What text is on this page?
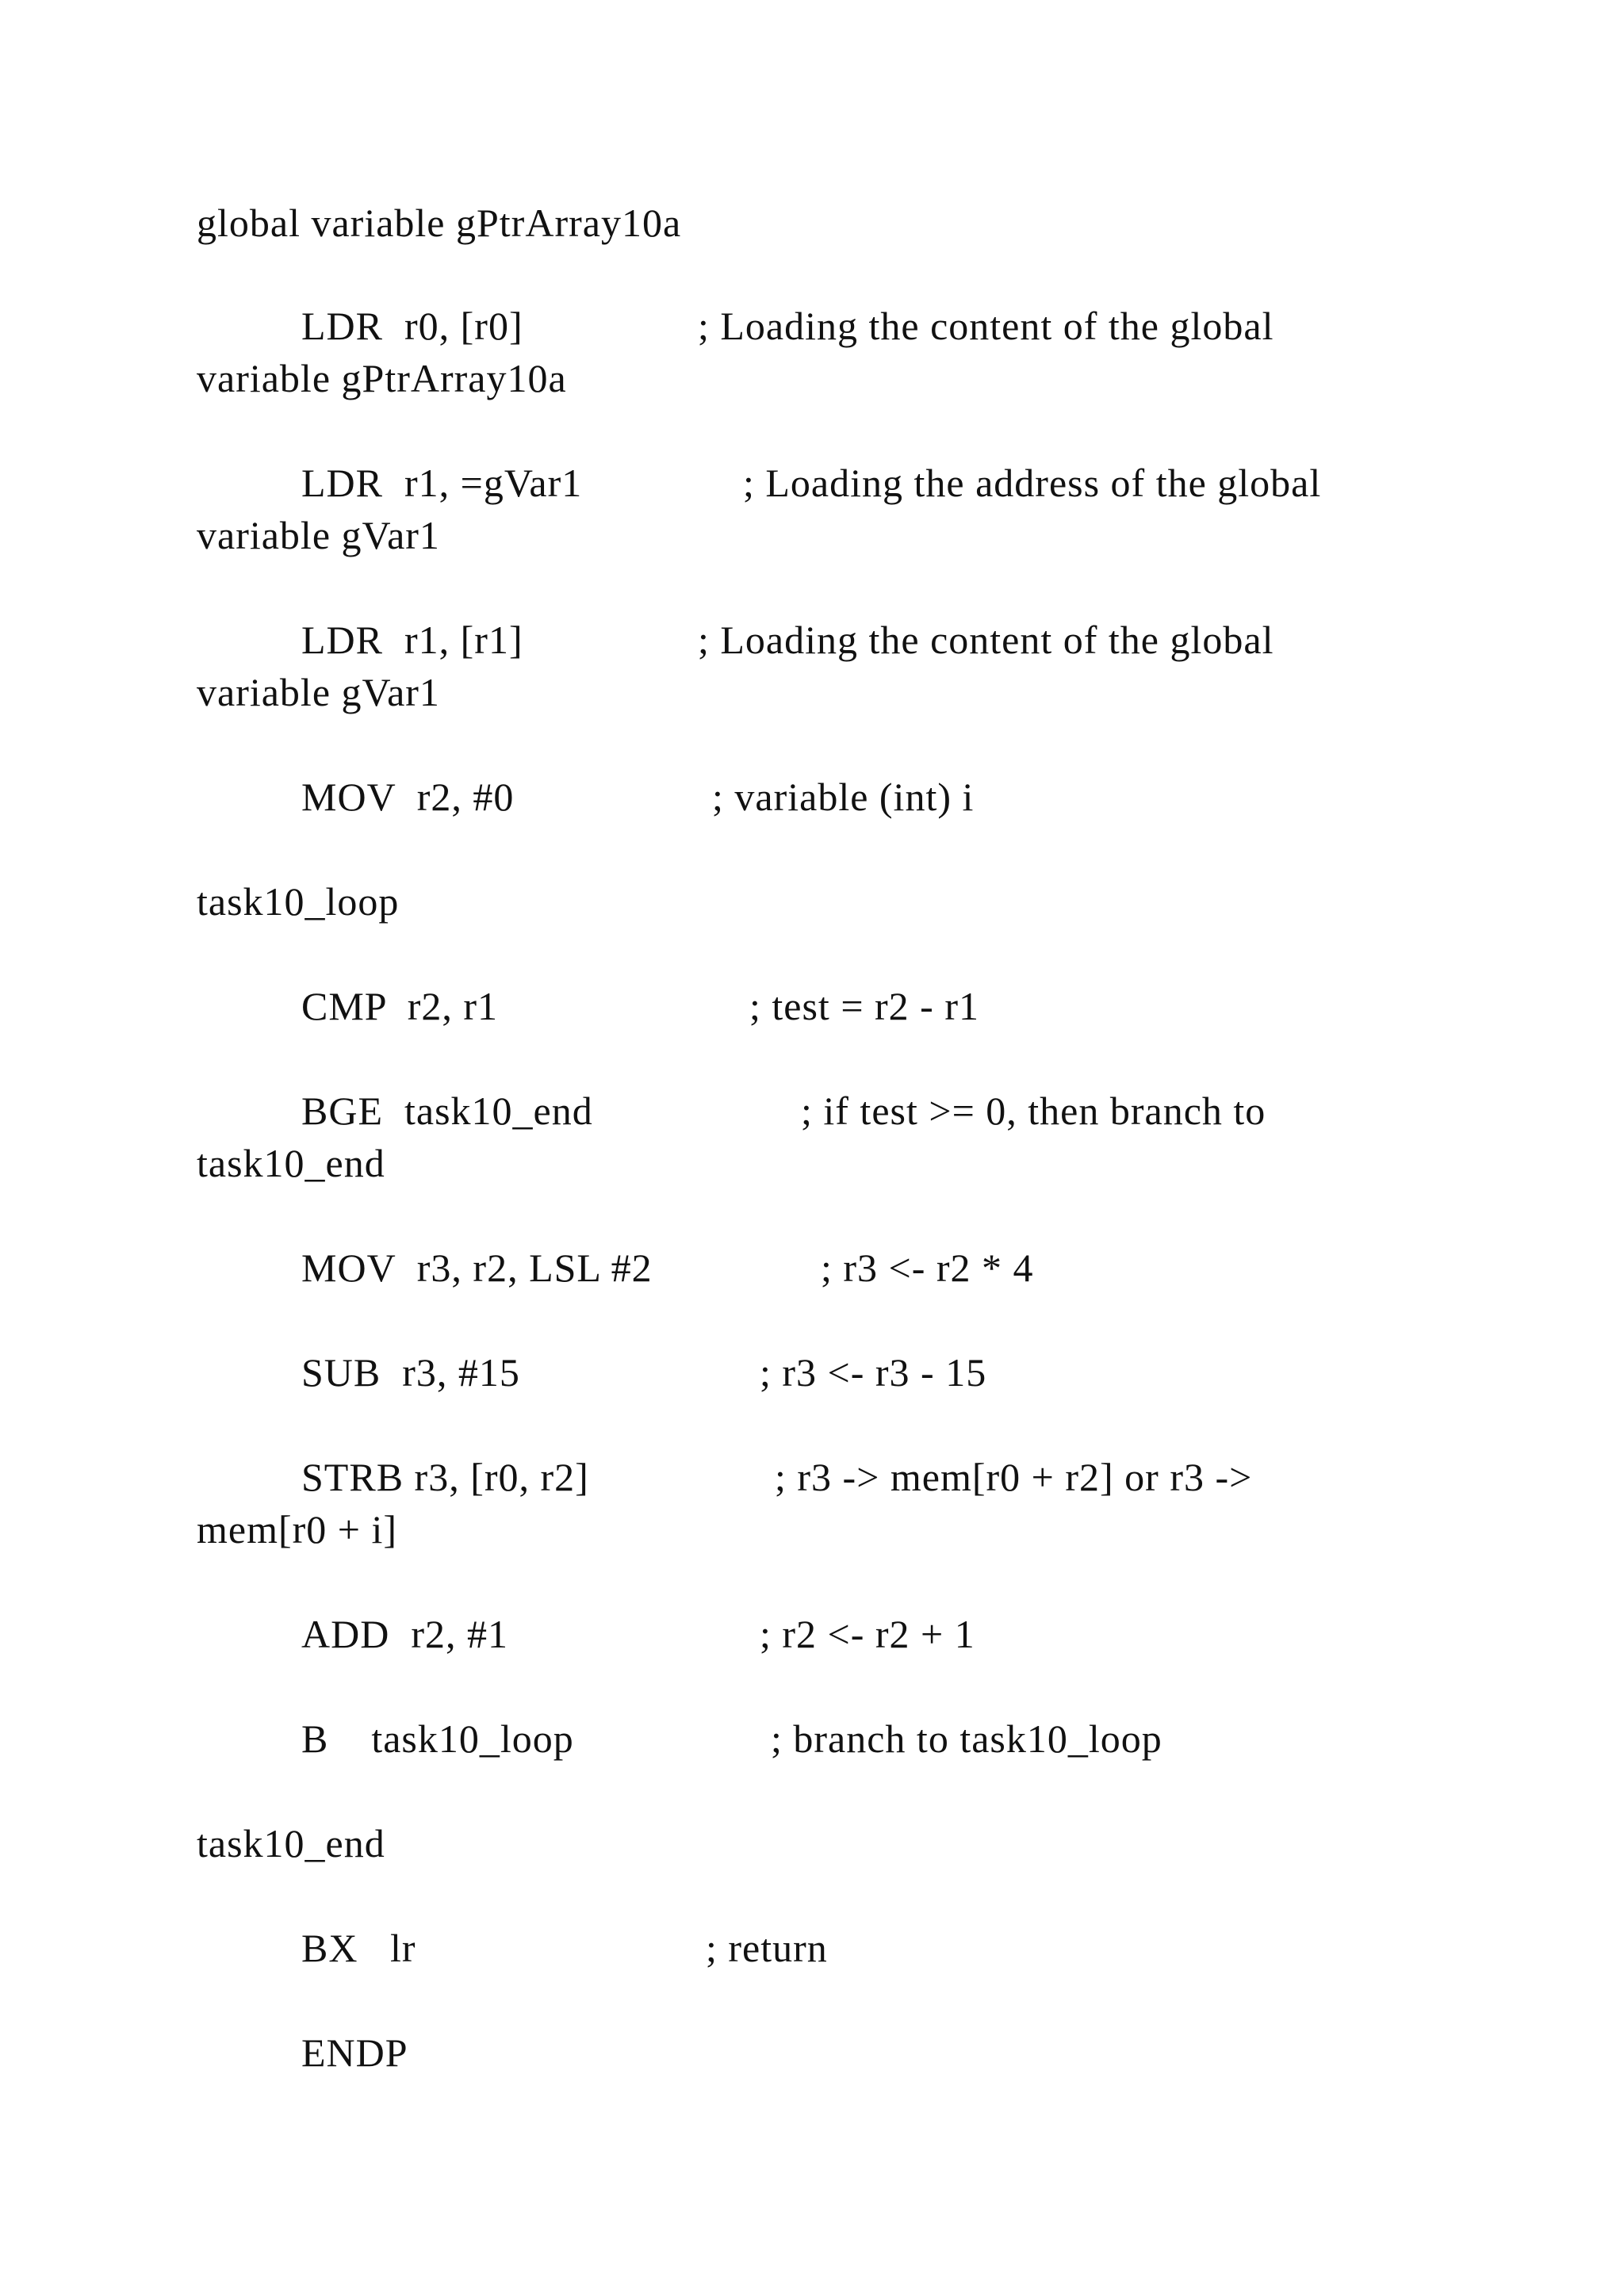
global variable gPtrArray10a
LDR  r0, [r0]	; Loading the content of the global
variable gPtrArray10a
LDR  r1, =gVar1	; Loading the address of the global
variable gVar1
LDR  r1, [r1]	; Loading the content of the global
variable gVar1
MOV  r2, #0	; variable (int) i
task10_loop
CMP  r2, r1	; test = r2 - r1
BGE  task10_end	; if test >= 0, then branch to
task10_end
MOV  r3, r2, LSL #2	; r3 <- r2 * 4
SUB  r3, #15	; r3 <- r3 - 15
STRB r3, [r0, r2]	; r3 -> mem[r0 + r2] or r3 ->
mem[r0 + i]
ADD  r2, #1	; r2 <- r2 + 1
B    task10_loop	; branch to task10_loop
task10_end
BX   lr	; return
ENDP
